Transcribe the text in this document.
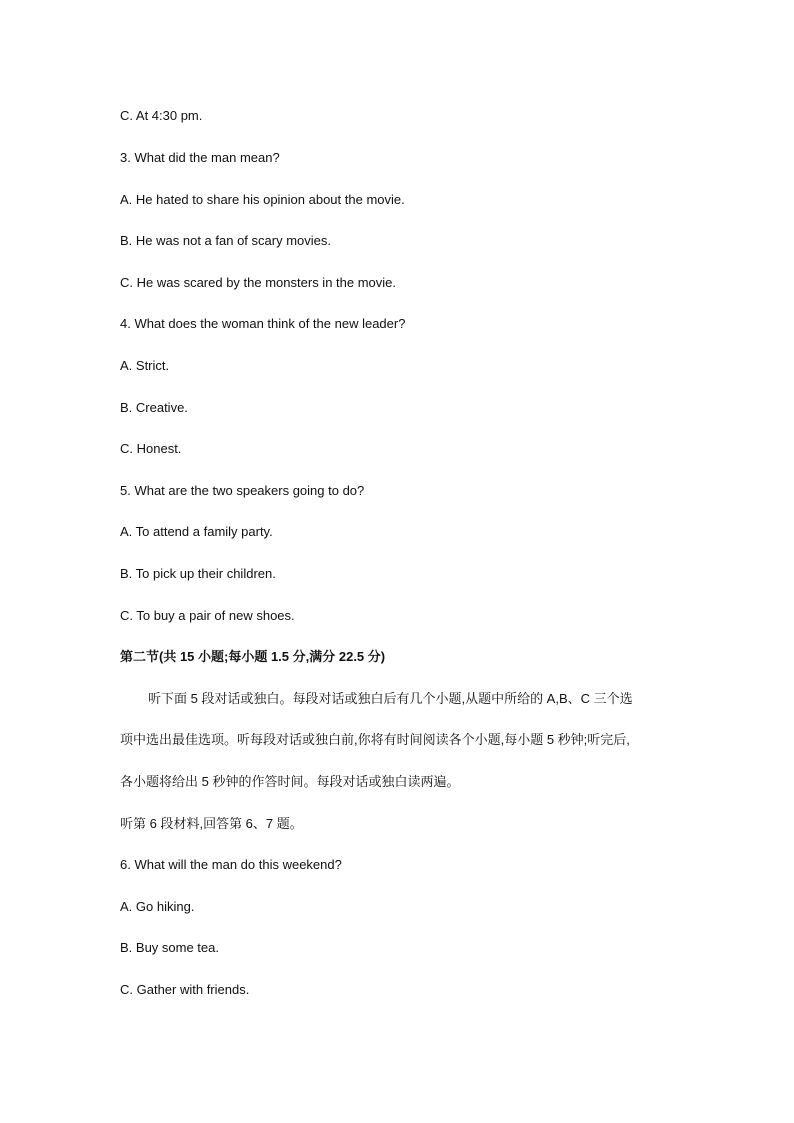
C. At 4:30 pm.
3. What did the man mean?
A. He hated to share his opinion about the movie.
B. He was not a fan of scary movies.
C. He was scared by the monsters in the movie.
4. What does the woman think of the new leader?
A. Strict.
B. Creative.
C. Honest.
5. What are the two speakers going to do?
A. To attend a family party.
B. To pick up their children.
C. To buy a pair of new shoes.
第二节(共 15 小题;每小题 1.5 分,满分 22.5 分)
听下面 5 段对话或独白。每段对话或独白后有几个小题,从题中所给的 A,B、C 三个选
项中选出最佳选项。听每段对话或独白前,你将有时间阅读各个小题,每小题 5 秒钟;听完后,
各小题将给出 5 秒钟的作答时间。每段对话或独白读两遍。
听第 6 段材料,回答第 6、7 题。
6. What will the man do this weekend?
A. Go hiking.
B. Buy some tea.
C. Gather with friends.
